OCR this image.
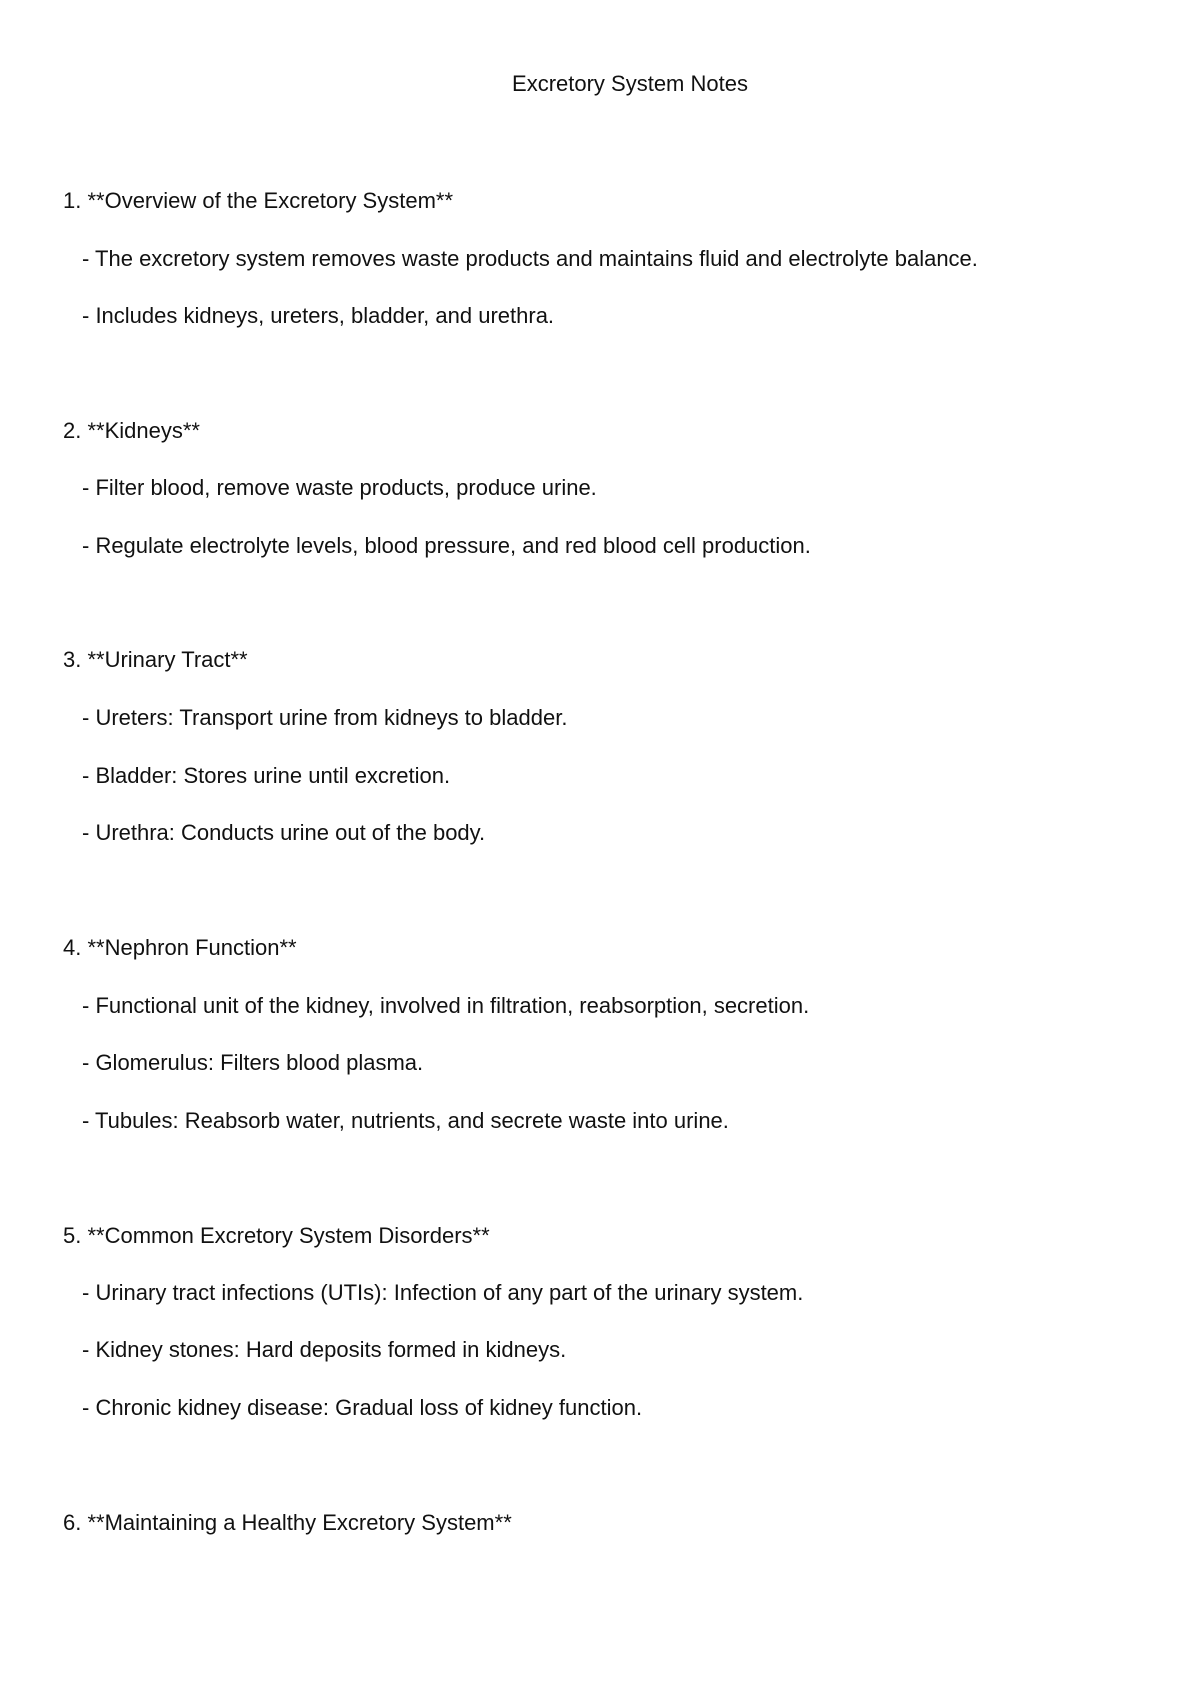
Excretory System Notes
1. **Overview of the Excretory System**
- The excretory system removes waste products and maintains fluid and electrolyte balance.
- Includes kidneys, ureters, bladder, and urethra.
2. **Kidneys**
- Filter blood, remove waste products, produce urine.
- Regulate electrolyte levels, blood pressure, and red blood cell production.
3. **Urinary Tract**
- Ureters: Transport urine from kidneys to bladder.
- Bladder: Stores urine until excretion.
- Urethra: Conducts urine out of the body.
4. **Nephron Function**
- Functional unit of the kidney, involved in filtration, reabsorption, secretion.
- Glomerulus: Filters blood plasma.
- Tubules: Reabsorb water, nutrients, and secrete waste into urine.
5. **Common Excretory System Disorders**
- Urinary tract infections (UTIs): Infection of any part of the urinary system.
- Kidney stones: Hard deposits formed in kidneys.
- Chronic kidney disease: Gradual loss of kidney function.
6. **Maintaining a Healthy Excretory System**
